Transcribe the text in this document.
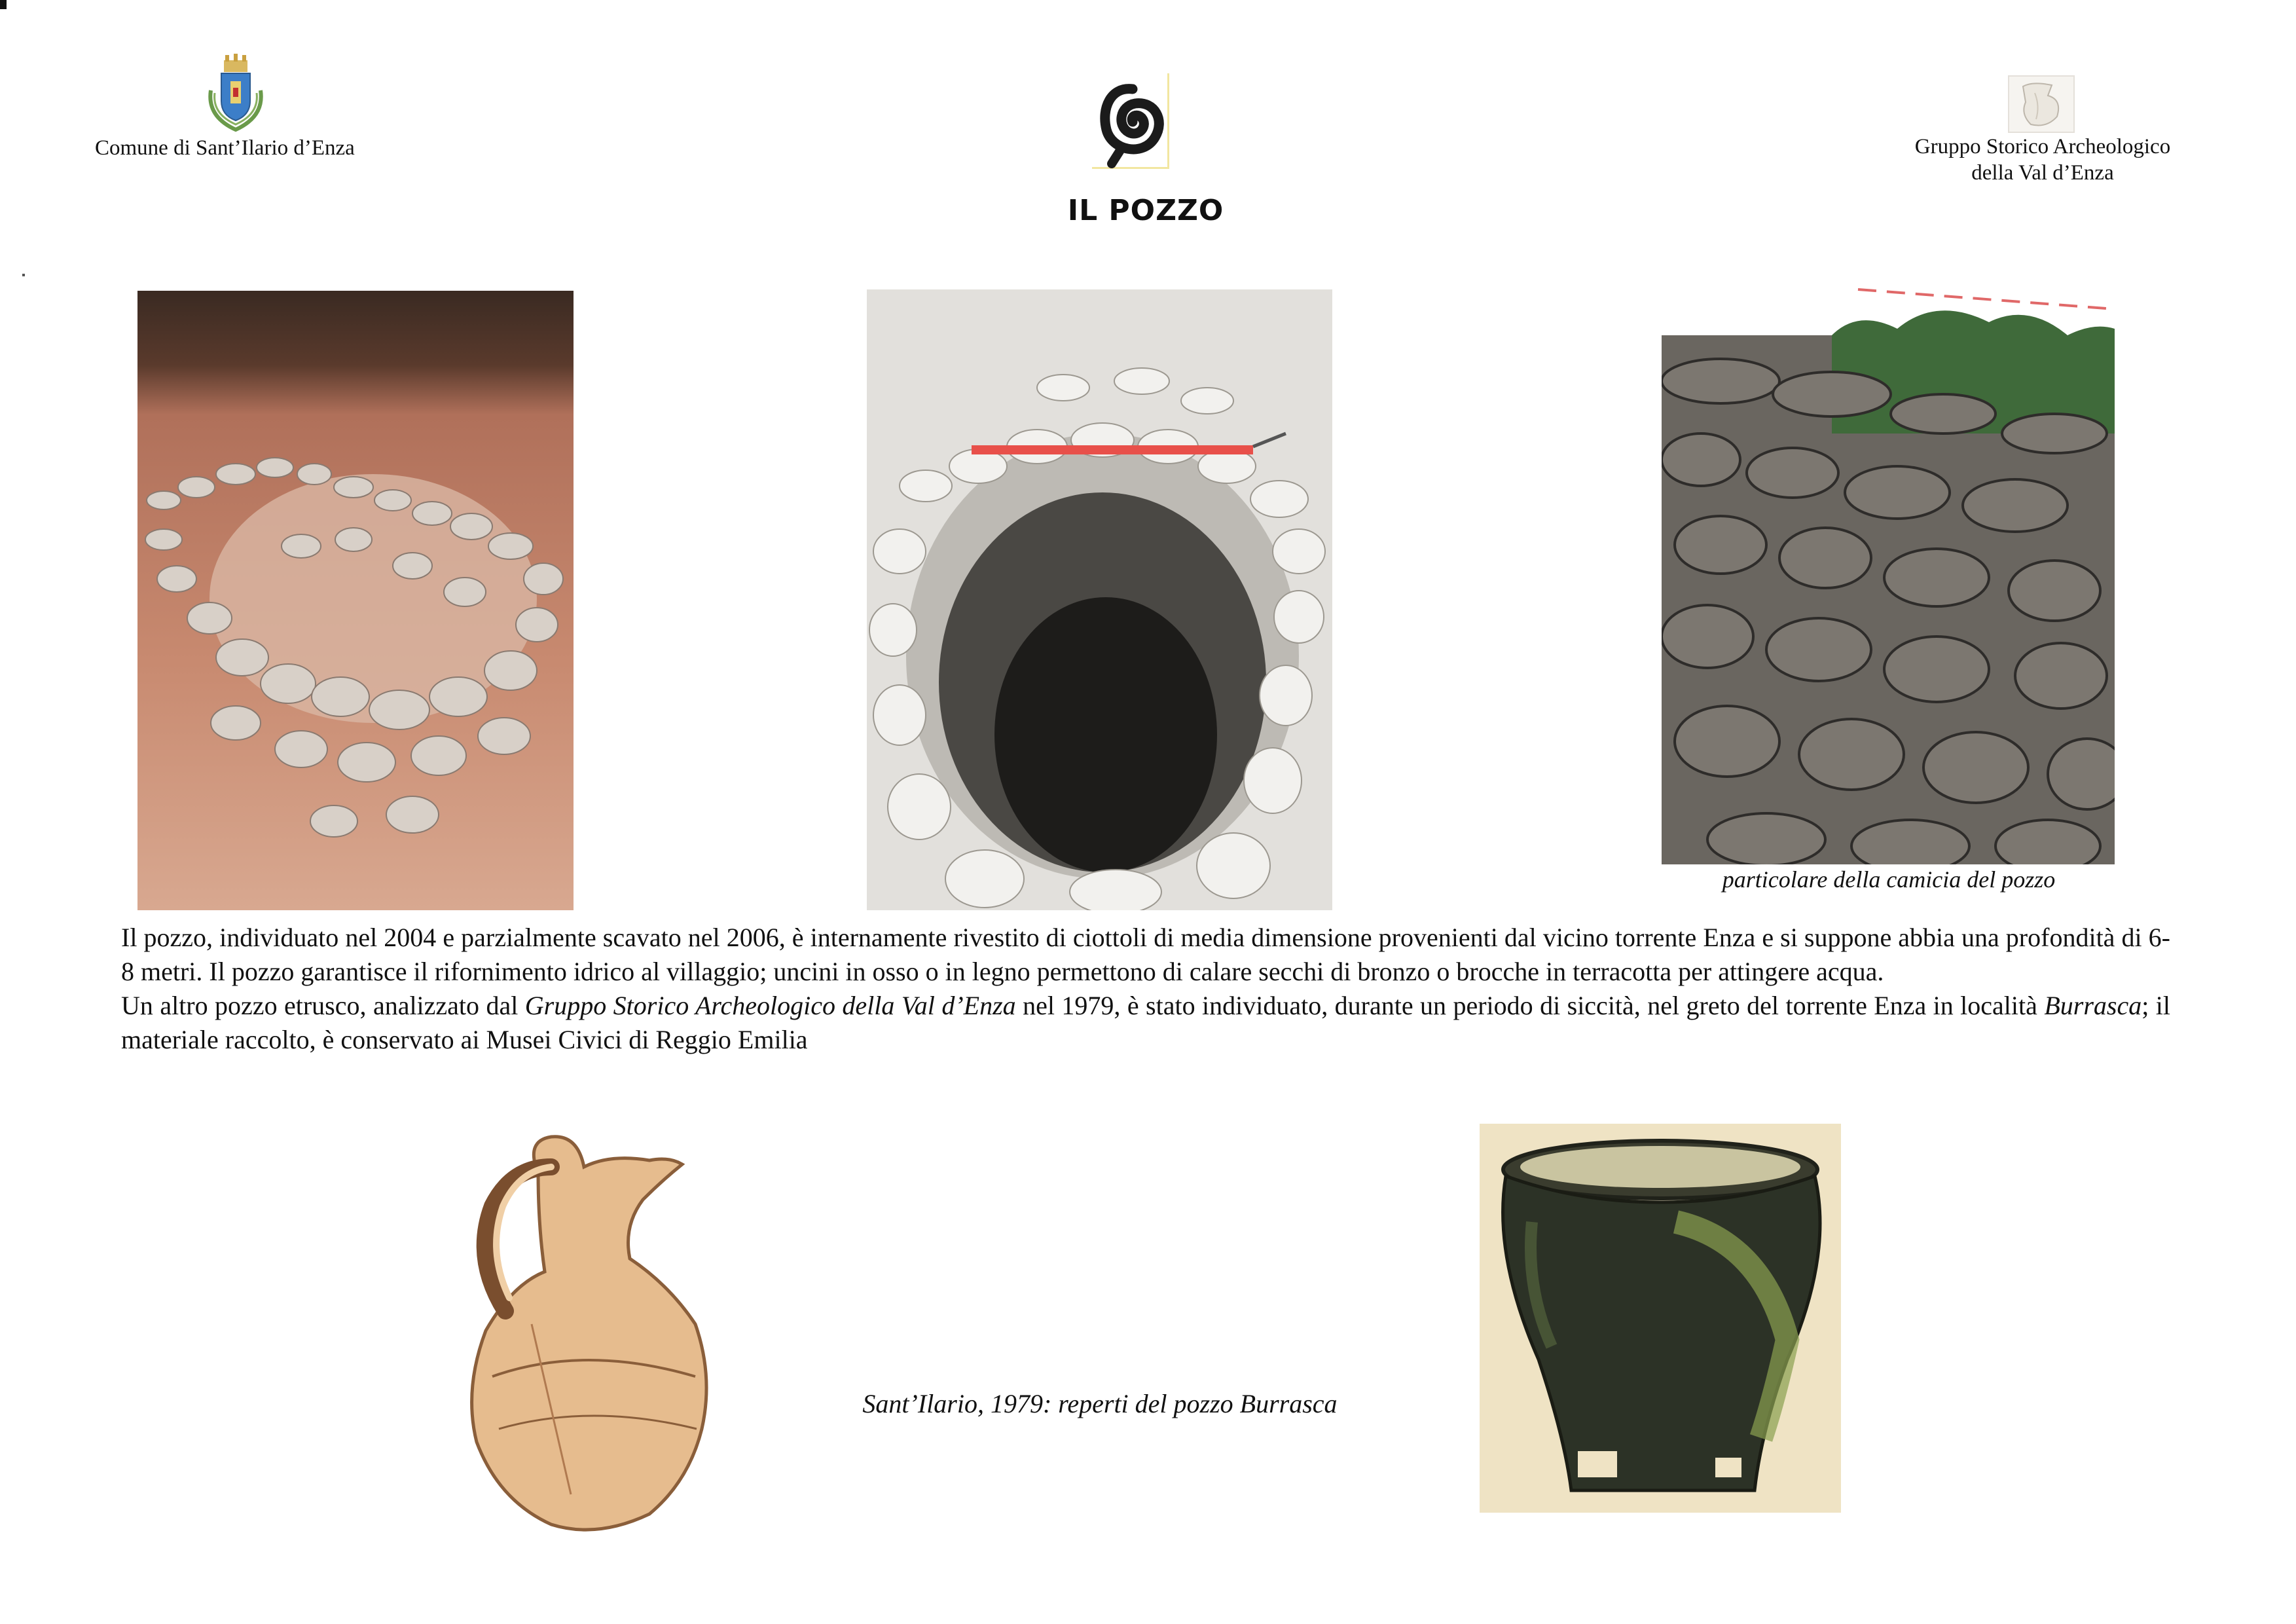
Comune di Sant’Ilario d’Enza
IL POZZO
Gruppo Storico Archeologico
della Val d’Enza
particolare della camicia del pozzo

Il pozzo, individuato nel 2004 e parzialmente scavato nel 2006, è internamente rivestito di ciottoli di media dimensione provenienti dal vicino torrente Enza e si suppone abbia una profondità di 6-8 metri. Il pozzo garantisce il rifornimento idrico al villaggio; uncini in osso o in legno permettono di calare secchi di bronzo o brocche in terracotta per attingere acqua.

Un altro pozzo etrusco, analizzato dal Gruppo Storico Archeologico della Val d’Enza nel 1979, è stato individuato, durante un periodo di siccità, nel greto del torrente Enza in località Burrasca; il materiale raccolto, è conservato ai Musei Civici di Reggio Emilia

Sant’Ilario, 1979: reperti del pozzo Burrasca
